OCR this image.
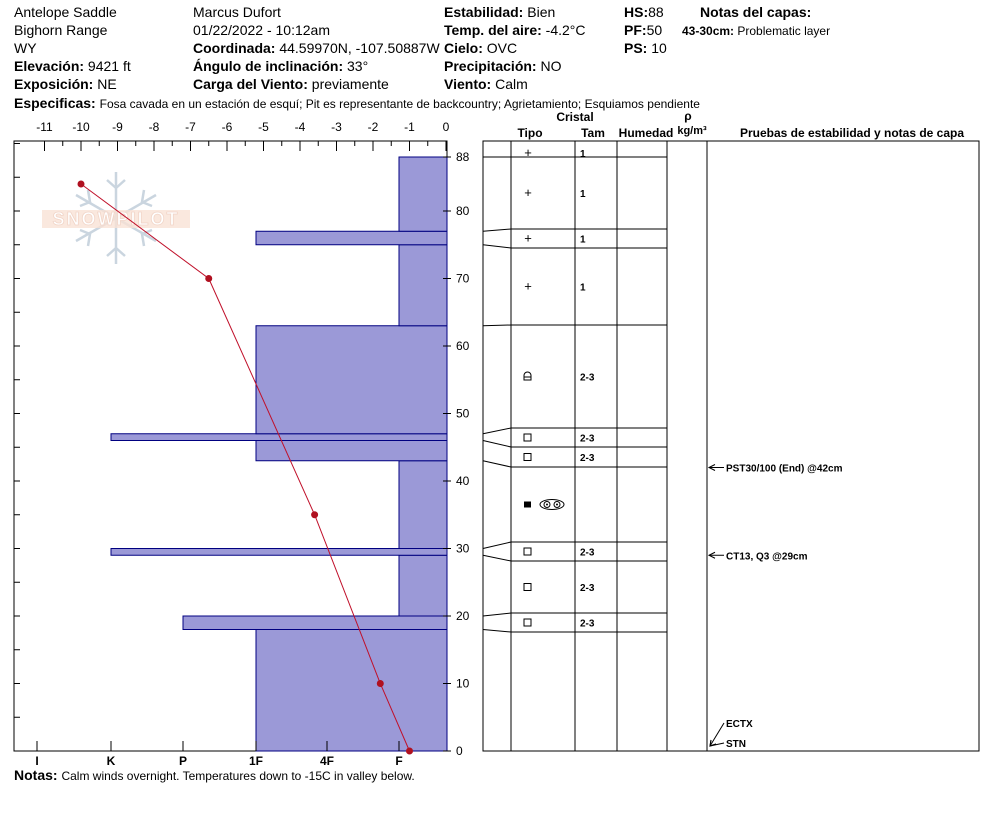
Antelope Saddle
Bighorn Range
WY
Elevación: 9421 ft
Exposición: NE
Marcus Dufort
01/22/2022 - 10:12am
Coordinada: 44.59970N, -107.50887W
Ángulo de inclinación: 33°
Carga del Viento: previamente
Estabilidad: Bien
Temp. del aire: -4.2°C
Cielo: OVC
Precipitación: NO
Viento: Calm
HS:88
PF:50
PS: 10
Notas del capas:
43-30cm: Problematic layer
Especificas: Fosa cavada en un estación de esquí; Pit es representante de backcountry; Agrietamiento; Esquiamos pendiente
Notas: Calm winds overnight. Temperatures down to -15C in valley below.
SNOWPILOT
-11 -10 -9 -8 -7 -6 -5 -4 -3 -2 -1 0
0
10
20
30
40
50
60
70
80
88
I	K	P	1F	4F	F
Cristal
Tipo	Tam Humedad
ρ
kg/m³	Pruebas de estabilidad y notas de capa
+	1
+	1
+	1
+	1
2-3
2-3
2-3
2-3
2-3
2-3
PST30/100 (End) @42cm
CT13, Q3 @29cm
ECTX
STN
